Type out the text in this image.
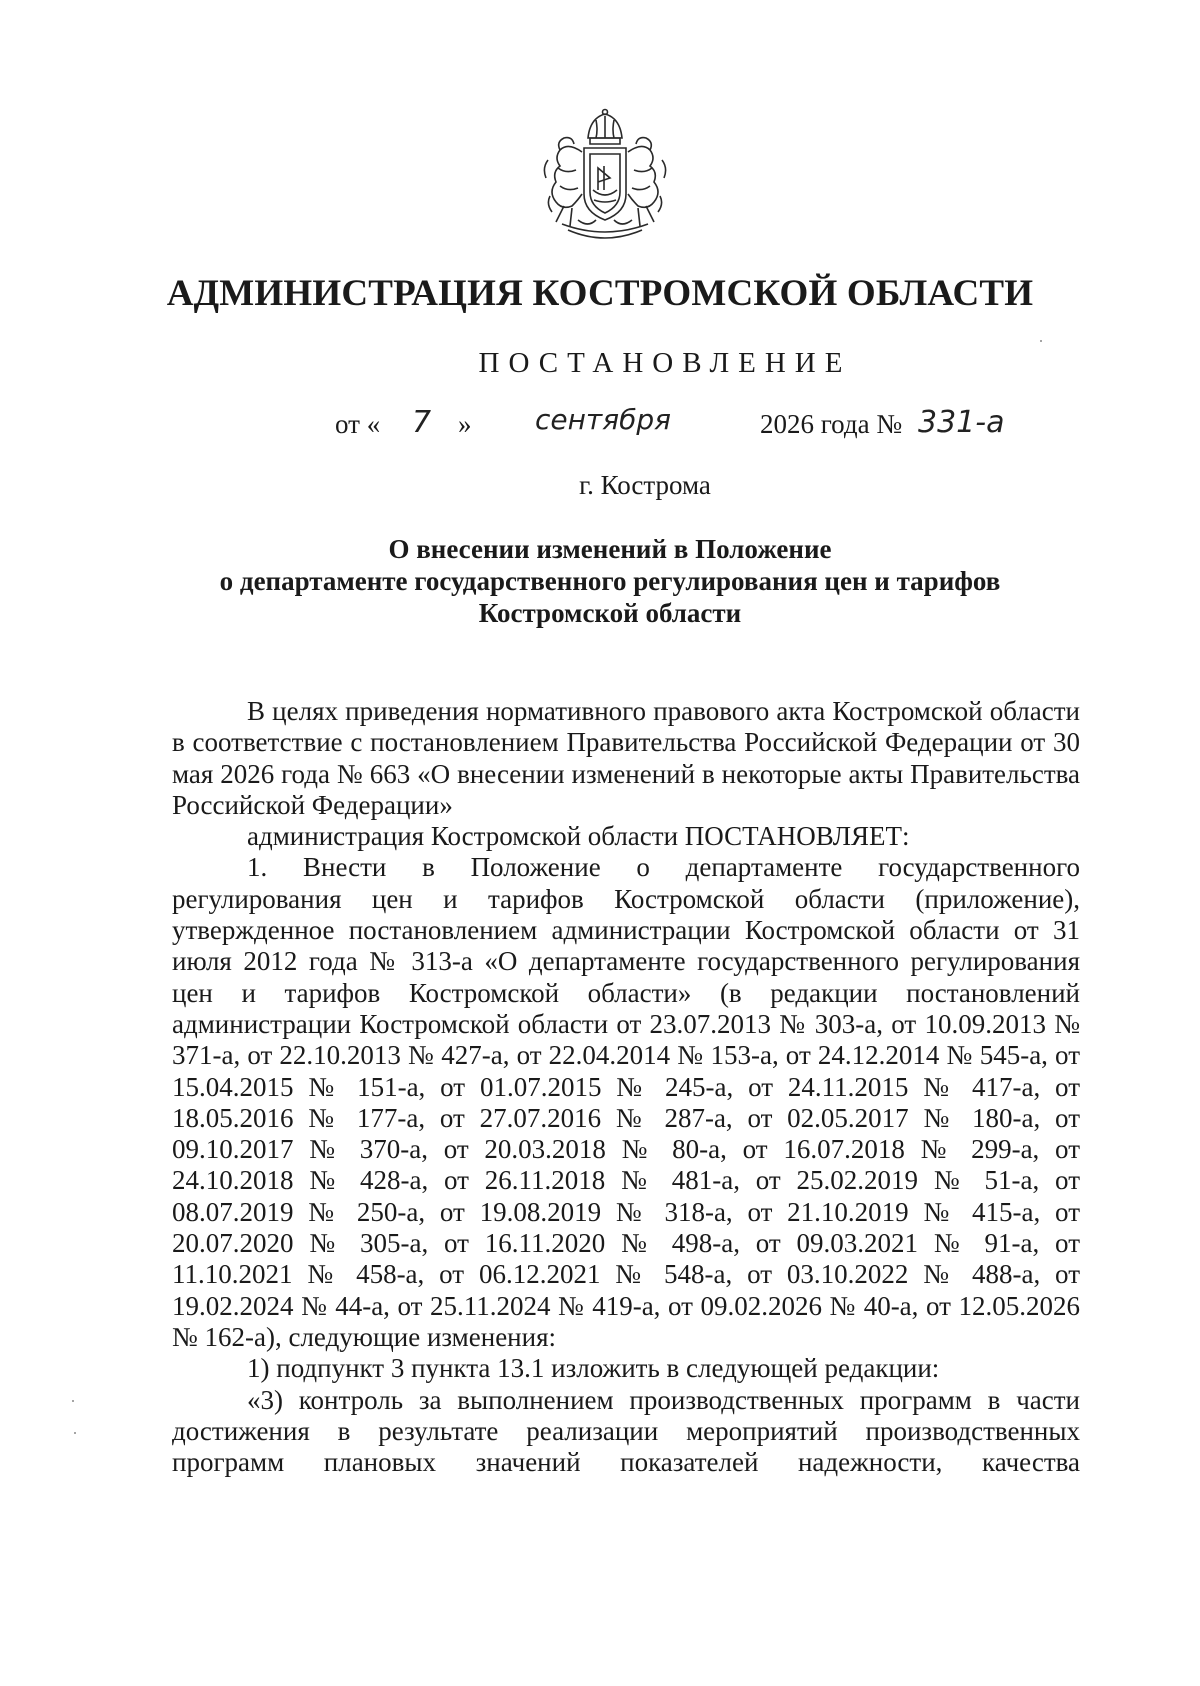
АДМИНИСТРАЦИЯ КОСТРОМСКОЙ ОБЛАСТИ
ПОСТАНОВЛЕНИЕ
от « 7 » сентября	2026 года № 331-а
г. Кострома
О внесении изменений в Положение
о департаменте государственного регулирования цен и тарифов
Костромской области

В целях приведения нормативного правового акта Костромской области в соответствие с постановлением Правительства Российской Федерации от 30 мая 2026 года № 663 «О внесении изменений в некоторые акты Правительства Российской Федерации»

администрация Костромской области ПОСТАНОВЛЯЕТ:

1. Внести в Положение о департаменте государственного регулирования цен и тарифов Костромской области (приложение), утвержденное постановлением администрации Костромской области от 31 июля 2012 года № 313-а «О департаменте государственного регулирования цен и тарифов Костромской области» (в редакции постановлений администрации Костромской области от 23.07.2013 № 303-а, от 10.09.2013 № 371-а, от 22.10.2013 № 427-а, от 22.04.2014 № 153-а, от 24.12.2014 № 545-а, от 15.04.2015 № 151-а, от 01.07.2015 № 245-а, от 24.11.2015 № 417-а, от 18.05.2016 № 177-а, от 27.07.2016 № 287-а, от 02.05.2017 № 180-а, от 09.10.2017 № 370-а, от 20.03.2018 № 80-а, от 16.07.2018 № 299-а, от 24.10.2018 № 428-а, от 26.11.2018 № 481-а, от 25.02.2019 № 51-а, от 08.07.2019 № 250-а, от 19.08.2019 № 318-а, от 21.10.2019 № 415-а, от 20.07.2020 № 305-а, от 16.11.2020 № 498-а, от 09.03.2021 № 91-а, от 11.10.2021 № 458-а, от 06.12.2021 № 548-а, от 03.10.2022 № 488-а, от 19.02.2024 № 44-а, от 25.11.2024 № 419-а, от 09.02.2026 № 40-а, от 12.05.2026 № 162-а), следующие изменения:

1) подпункт 3 пункта 13.1 изложить в следующей редакции:

«3) контроль за выполнением производственных программ в части достижения в результате реализации мероприятий производственных программ плановых значений показателей надежности, качества
